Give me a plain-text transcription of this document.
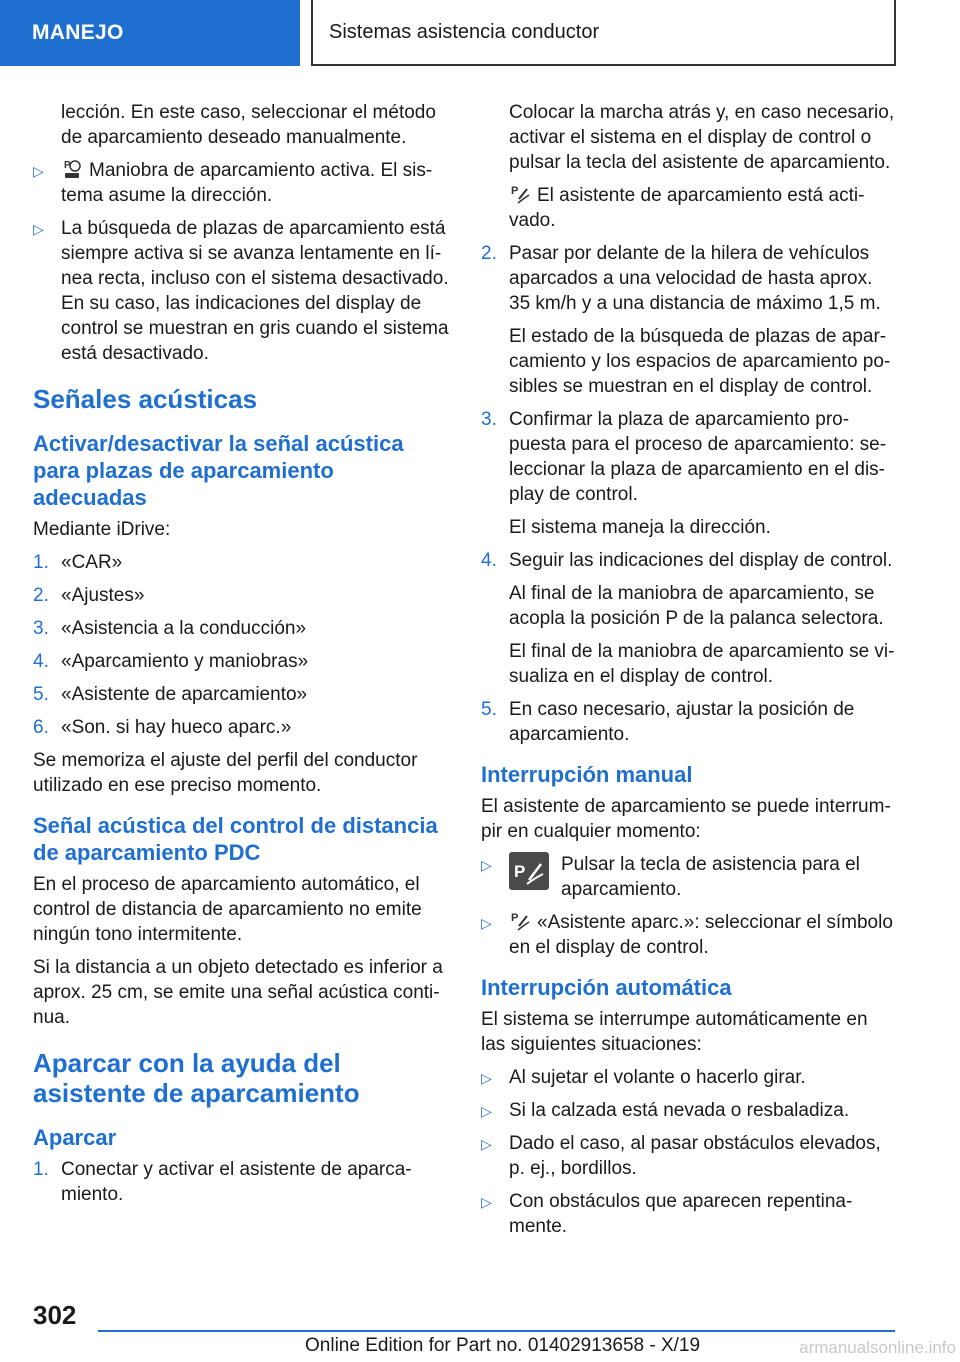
MANEJO	Sistemas asistencia conductor

lección. En este caso, seleccionar el método de aparcamiento deseado manualmente.

▷ P Maniobra de aparcamiento activa. El sistema asume la dirección.
▷ La búsqueda de plazas de aparcamiento está siempre activa si se avanza lentamente en línea recta, incluso con el sistema desactivado. En su caso, las indicaciones del display de control se muestran en gris cuando el sistema está desactivado.
Señales acústicas
Activar/desactivar la señal acústica para plazas de aparcamiento adecuadas

Mediante iDrive:

1. «CAR»
2. «Ajustes»
3. «Asistencia a la conducción»
4. «Aparcamiento y maniobras»
5. «Asistente de aparcamiento»
6. «Son. si hay hueco aparc.»

Se memoriza el ajuste del perfil del conductor utilizado en ese preciso momento.

Señal acústica del control de distancia de aparcamiento PDC

En el proceso de aparcamiento automático, el control de distancia de aparcamiento no emite ningún tono intermitente.

Si la distancia a un objeto detectado es inferior a aprox. 25 cm, se emite una señal acústica continua.

Aparcar con la ayuda del asistente de aparcamiento
Aparcar
1. Conectar y activar el asistente de aparcamiento.

Colocar la marcha atrás y, en caso necesario, activar el sistema en el display de control o pulsar la tecla del asistente de aparcamiento.

P El asistente de aparcamiento está activado.

2. Pasar por delante de la hilera de vehículos aparcados a una velocidad de hasta aprox. 35 km/h y a una distancia de máximo 1,5 m.

El estado de la búsqueda de plazas de aparcamiento y los espacios de aparcamiento posibles se muestran en el display de control.

3. Confirmar la plaza de aparcamiento propuesta para el proceso de aparcamiento: seleccionar la plaza de aparcamiento en el display de control.

El sistema maneja la dirección.

4. Seguir las indicaciones del display de control.

Al final de la maniobra de aparcamiento, se acopla la posición P de la palanca selectora.

El final de la maniobra de aparcamiento se visualiza en el display de control.

5. En caso necesario, ajustar la posición de aparcamiento.
Interrupción manual

El asistente de aparcamiento se puede interrumpir en cualquier momento:

▷ P Pulsar la tecla de asistencia para el aparcamiento.
▷ P «Asistente aparc.»: seleccionar el símbolo en el display de control.
Interrupción automática

El sistema se interrumpe automáticamente en las siguientes situaciones:

▷ Al sujetar el volante o hacerlo girar.
▷ Si la calzada está nevada o resbaladiza.
▷ Dado el caso, al pasar obstáculos elevados, p. ej., bordillos.
▷ Con obstáculos que aparecen repentinamente.
302
Online Edition for Part no. 01402913658 - X/19	armanualsonline.info
